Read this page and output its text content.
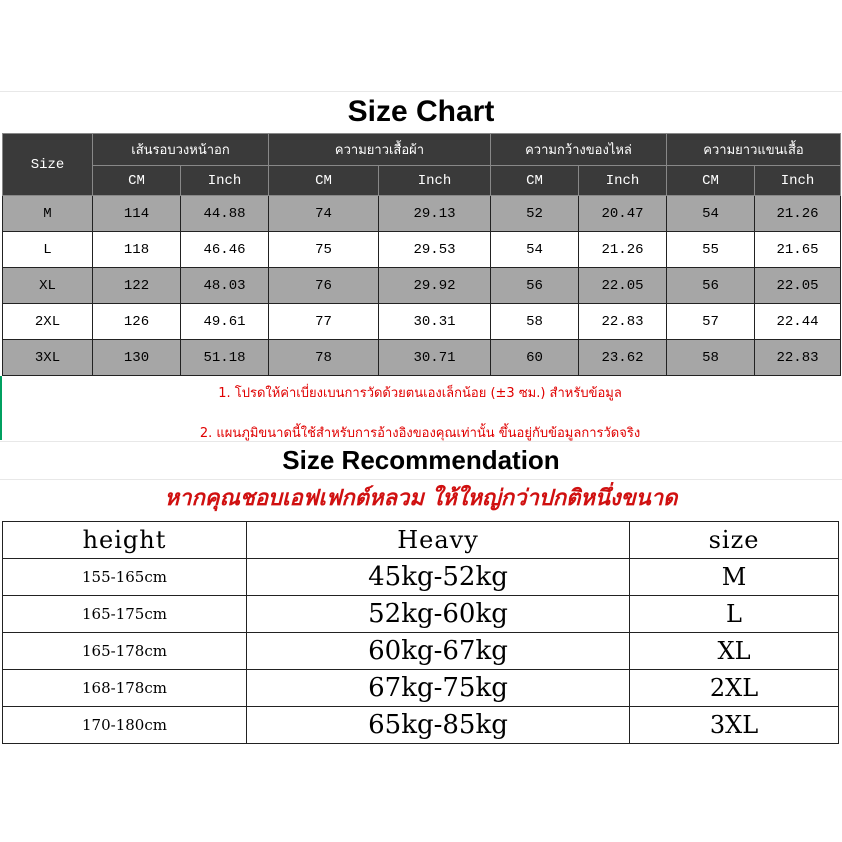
Size Chart
Size	เส้นรอบวงหน้าอก		ความยาวเสื้อผ้า		ความกว้างของไหล่		ความยาวแขนเสื้อ	
	CM	Inch	CM	Inch	CM	Inch	CM	Inch
M	114	44.88	74	29.13	52	20.47	54	21.26
L	118	46.46	75	29.53	54	21.26	55	21.65
XL	122	48.03	76	29.92	56	22.05	56	22.05
2XL	126	49.61	77	30.31	58	22.83	57	22.44
3XL	130	51.18	78	30.71	60	23.62	58	22.83
1. โปรดให้ค่าเบี่ยงเบนการวัดด้วยตนเองเล็กน้อย (±3 ซม.) สำหรับข้อมูล
2. แผนภูมิขนาดนี้ใช้สำหรับการอ้างอิงของคุณเท่านั้น ขึ้นอยู่กับข้อมูลการวัดจริง
Size Recommendation
หากคุณชอบเอฟเฟกต์หลวม ให้ใหญ่กว่าปกติหนึ่งขนาด
height	Heavy	size
155-165cm	45kg-52kg	M
165-175cm	52kg-60kg	L
165-178cm	60kg-67kg	XL
168-178cm	67kg-75kg	2XL
170-180cm	65kg-85kg	3XL
